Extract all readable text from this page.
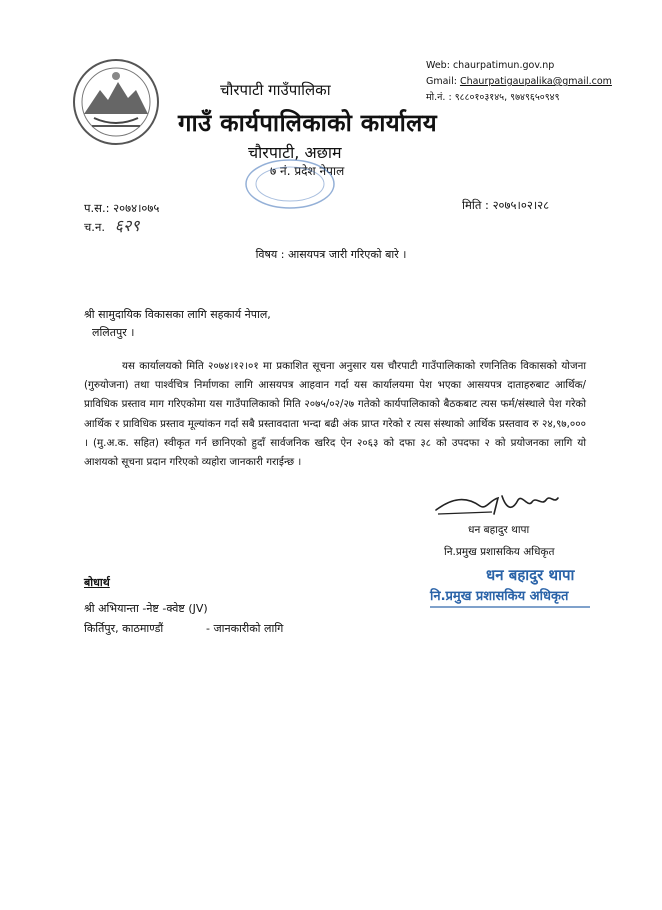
चौरपाटी गाउँपालिका
गाउँ कार्यपालिकाको कार्यालय
चौरपाटी, अछाम
७ नं. प्रदेश नेपाल
Web: chaurpatimun.gov.np
Gmail: Chaurpatigaupalika@gmail.com
मो.नं. : ९८८०१०३१४५, ९७४९६५०९४९
प.स.: २०७४।०७५
च.न. ६२९
मिति : २०७५।०२।२८
विषय : आसयपत्र जारी गरिएको बारे ।
श्री सामुदायिक विकासका लागि सहकार्य नेपाल,
ललितपुर ।

यस कार्यालयको मिति २०७४।१२।०१ मा प्रकाशित सूचना अनुसार यस चौरपाटी गाउँपालिकाको रणनितिक विकासको योजना (गुरुयोजना) तथा पार्श्वचित्र निर्माणका लागि आसयपत्र आहवान गर्दा यस कार्यालयमा पेश भएका आसयपत्र दाताहरुबाट आर्थिक/प्राविधिक प्रस्ताव माग गरिएकोमा यस गाउँपालिकाको मिति २०७५/०२/२७ गतेको कार्यपालिकाको बैठकबाट त्यस फर्म/संस्थाले पेश गरेको आर्थिक र प्राविधिक प्रस्ताव मूल्यांकन गर्दा सबै प्रस्तावदाता भन्दा बढी अंक प्राप्त गरेको र त्यस संस्थाको आर्थिक प्रस्तवाव रु २४,९७,००० । (मु.अ.क. सहित) स्वीकृत गर्न छानिएको हुदाँ सार्वजनिक खरिद ऐन २०६३ को दफा ३८ को उपदफा २ को प्रयोजनका लागि यो आशयको सूचना प्रदान गरिएको व्यहोरा जानकारी गराईन्छ ।

धन बहादुर थापा
नि.प्रमुख प्रशासकिय अधिकृत
धन बहादुर थापा
नि.प्रमुख प्रशासकिय अधिकृत
बोधार्थ
श्री अभियान्ता -नेष्ट -क्वेष्ट (JV)
किर्तिपुर, काठमाण्डौं	- जानकारीको लागि
